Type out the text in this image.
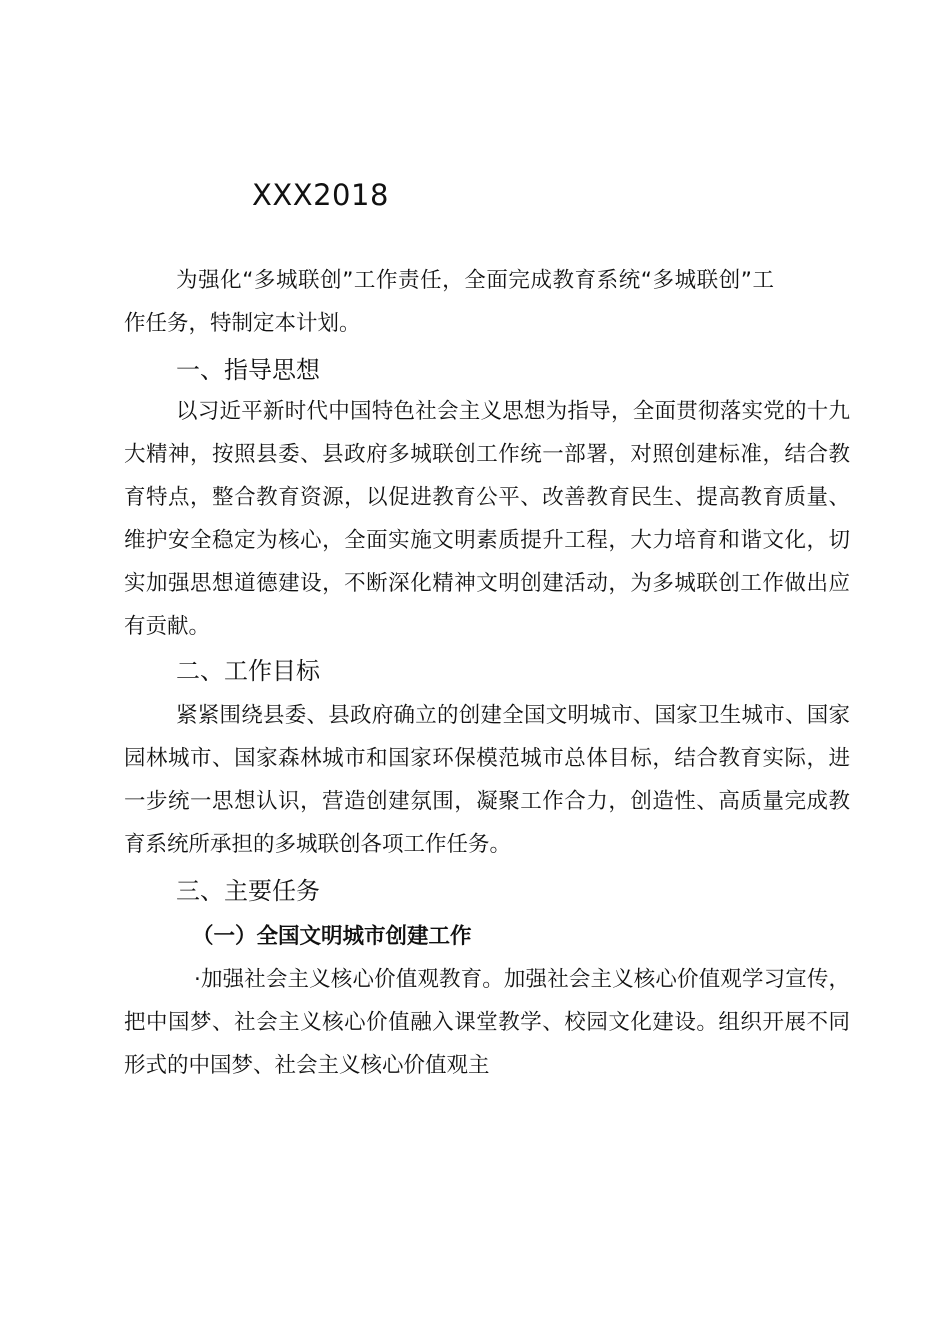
XXX2018

为强化“多城联创”工作责任，全面完成教育系统“多城联创”工作任务，特制定本计划。

一、指导思想

以习近平新时代中国特色社会主义思想为指导，全面贯彻落实党的十九大精神，按照县委、县政府多城联创工作统一部署，对照创建标准，结合教育特点，整合教育资源，以促进教育公平、改善教育民生、提高教育质量、维护安全稳定为核心，全面实施文明素质提升工程，大力培育和谐文化，切实加强思想道德建设，不断深化精神文明创建活动，为多城联创工作做出应有贡献。

二、工作目标

紧紧围绕县委、县政府确立的创建全国文明城市、国家卫生城市、国家园林城市、国家森林城市和国家环保模范城市总体目标，结合教育实际，进一步统一思想认识，营造创建氛围，凝聚工作合力，创造性、高质量完成教育系统所承担的多城联创各项工作任务。

三、主要任务
（一）全国文明城市创建工作

·加强社会主义核心价值观教育。加强社会主义核心价值观学习宣传，把中国梦、社会主义核心价值融入课堂教学、校园文化建设。组织开展不同形式的中国梦、社会主义核心价值观主
